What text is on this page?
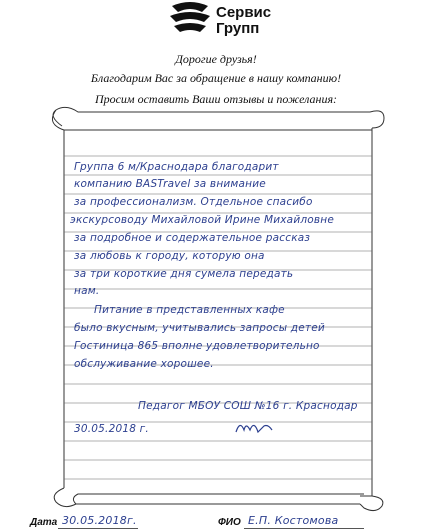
Сервис
Групп
Дорогие друзья!
Благодарим Вас за обращение в нашу компанию!
Просим оставить Ваши отзывы и пожелания:
Группа 6 м/Краснодара благодарит
компанию BASTravel за внимание
за профессионализм. Отдельное спасибо
экскурсоводу Михайловой Ирине Михайловне
за подробное и содержательное рассказ
за любовь к городу, которую она
за три короткие дня сумела передать
нам.
Питание в представленных кафе
было вкусным, учитывались запросы детей
Гостиница 865 вполне удовлетворительно
обслуживание хорошее.
Педагог МБОУ СОШ №16 г. Краснодар
30.05.2018 г.
Дата 30.05.2018г.	ФИО Е.П. Костомова
